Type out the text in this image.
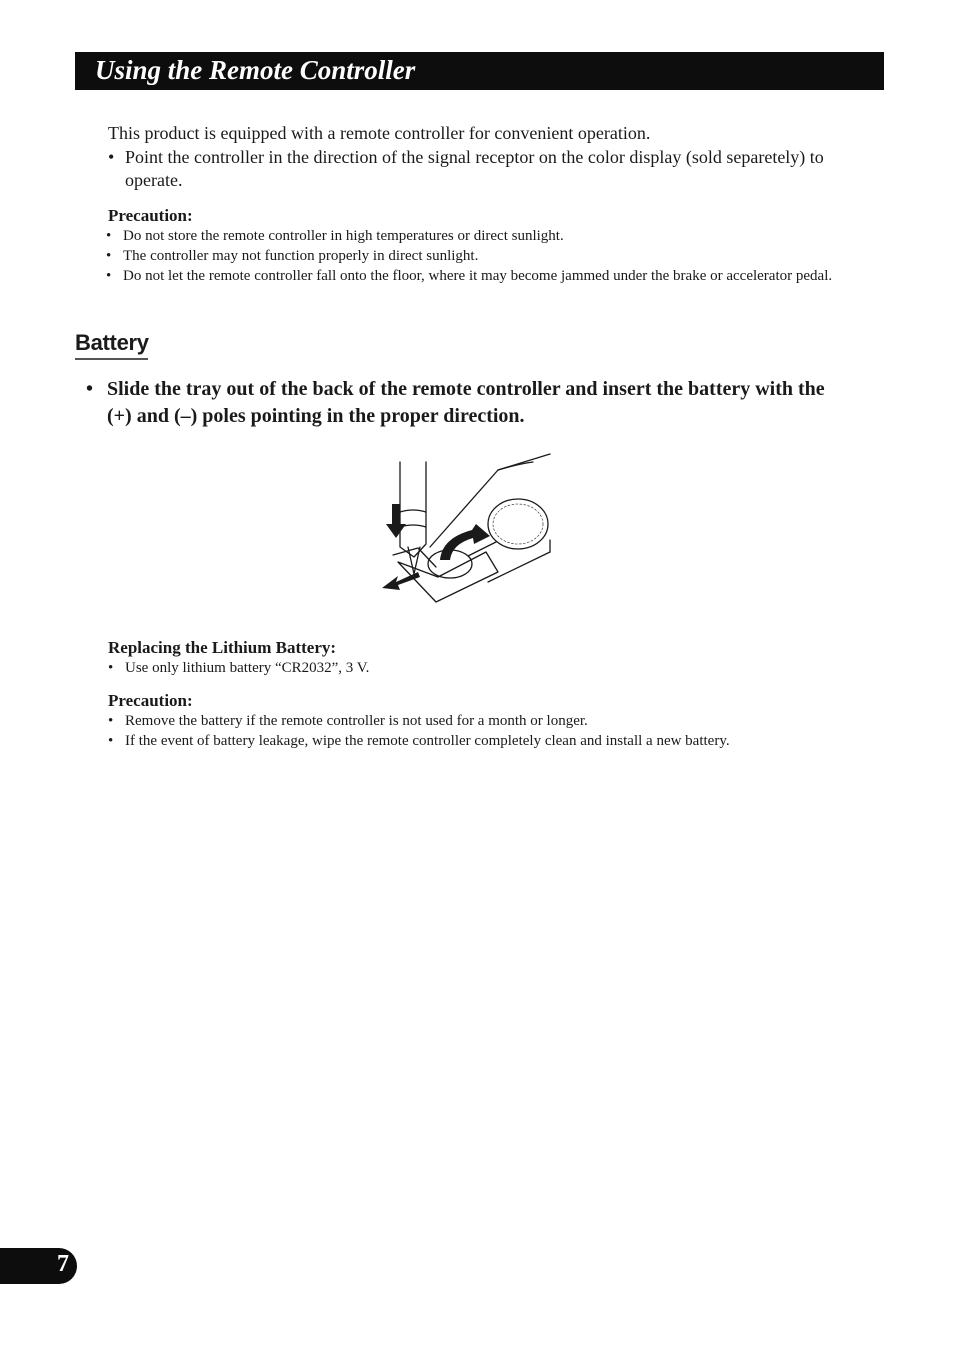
Using the Remote Controller

This product is equipped with a remote controller for convenient operation.

• Point the controller in the direction of the signal receptor on the color display (sold separetely) to operate.
Precaution:
• Do not store the remote controller in high temperatures or direct sunlight.
• The controller may not function properly in direct sunlight.
• Do not let the remote controller fall onto the floor, where it may become jammed under the brake or accelerator pedal.
Battery
• Slide the tray out of the back of the remote controller and insert the battery with the (+) and (–) poles pointing in the proper direction.
Replacing the Lithium Battery:
• Use only lithium battery “CR2032”, 3 V.
Precaution:
• Remove the battery if the remote controller is not used for a month or longer.
• If the event of battery leakage, wipe the remote controller completely clean and install a new battery.
7
